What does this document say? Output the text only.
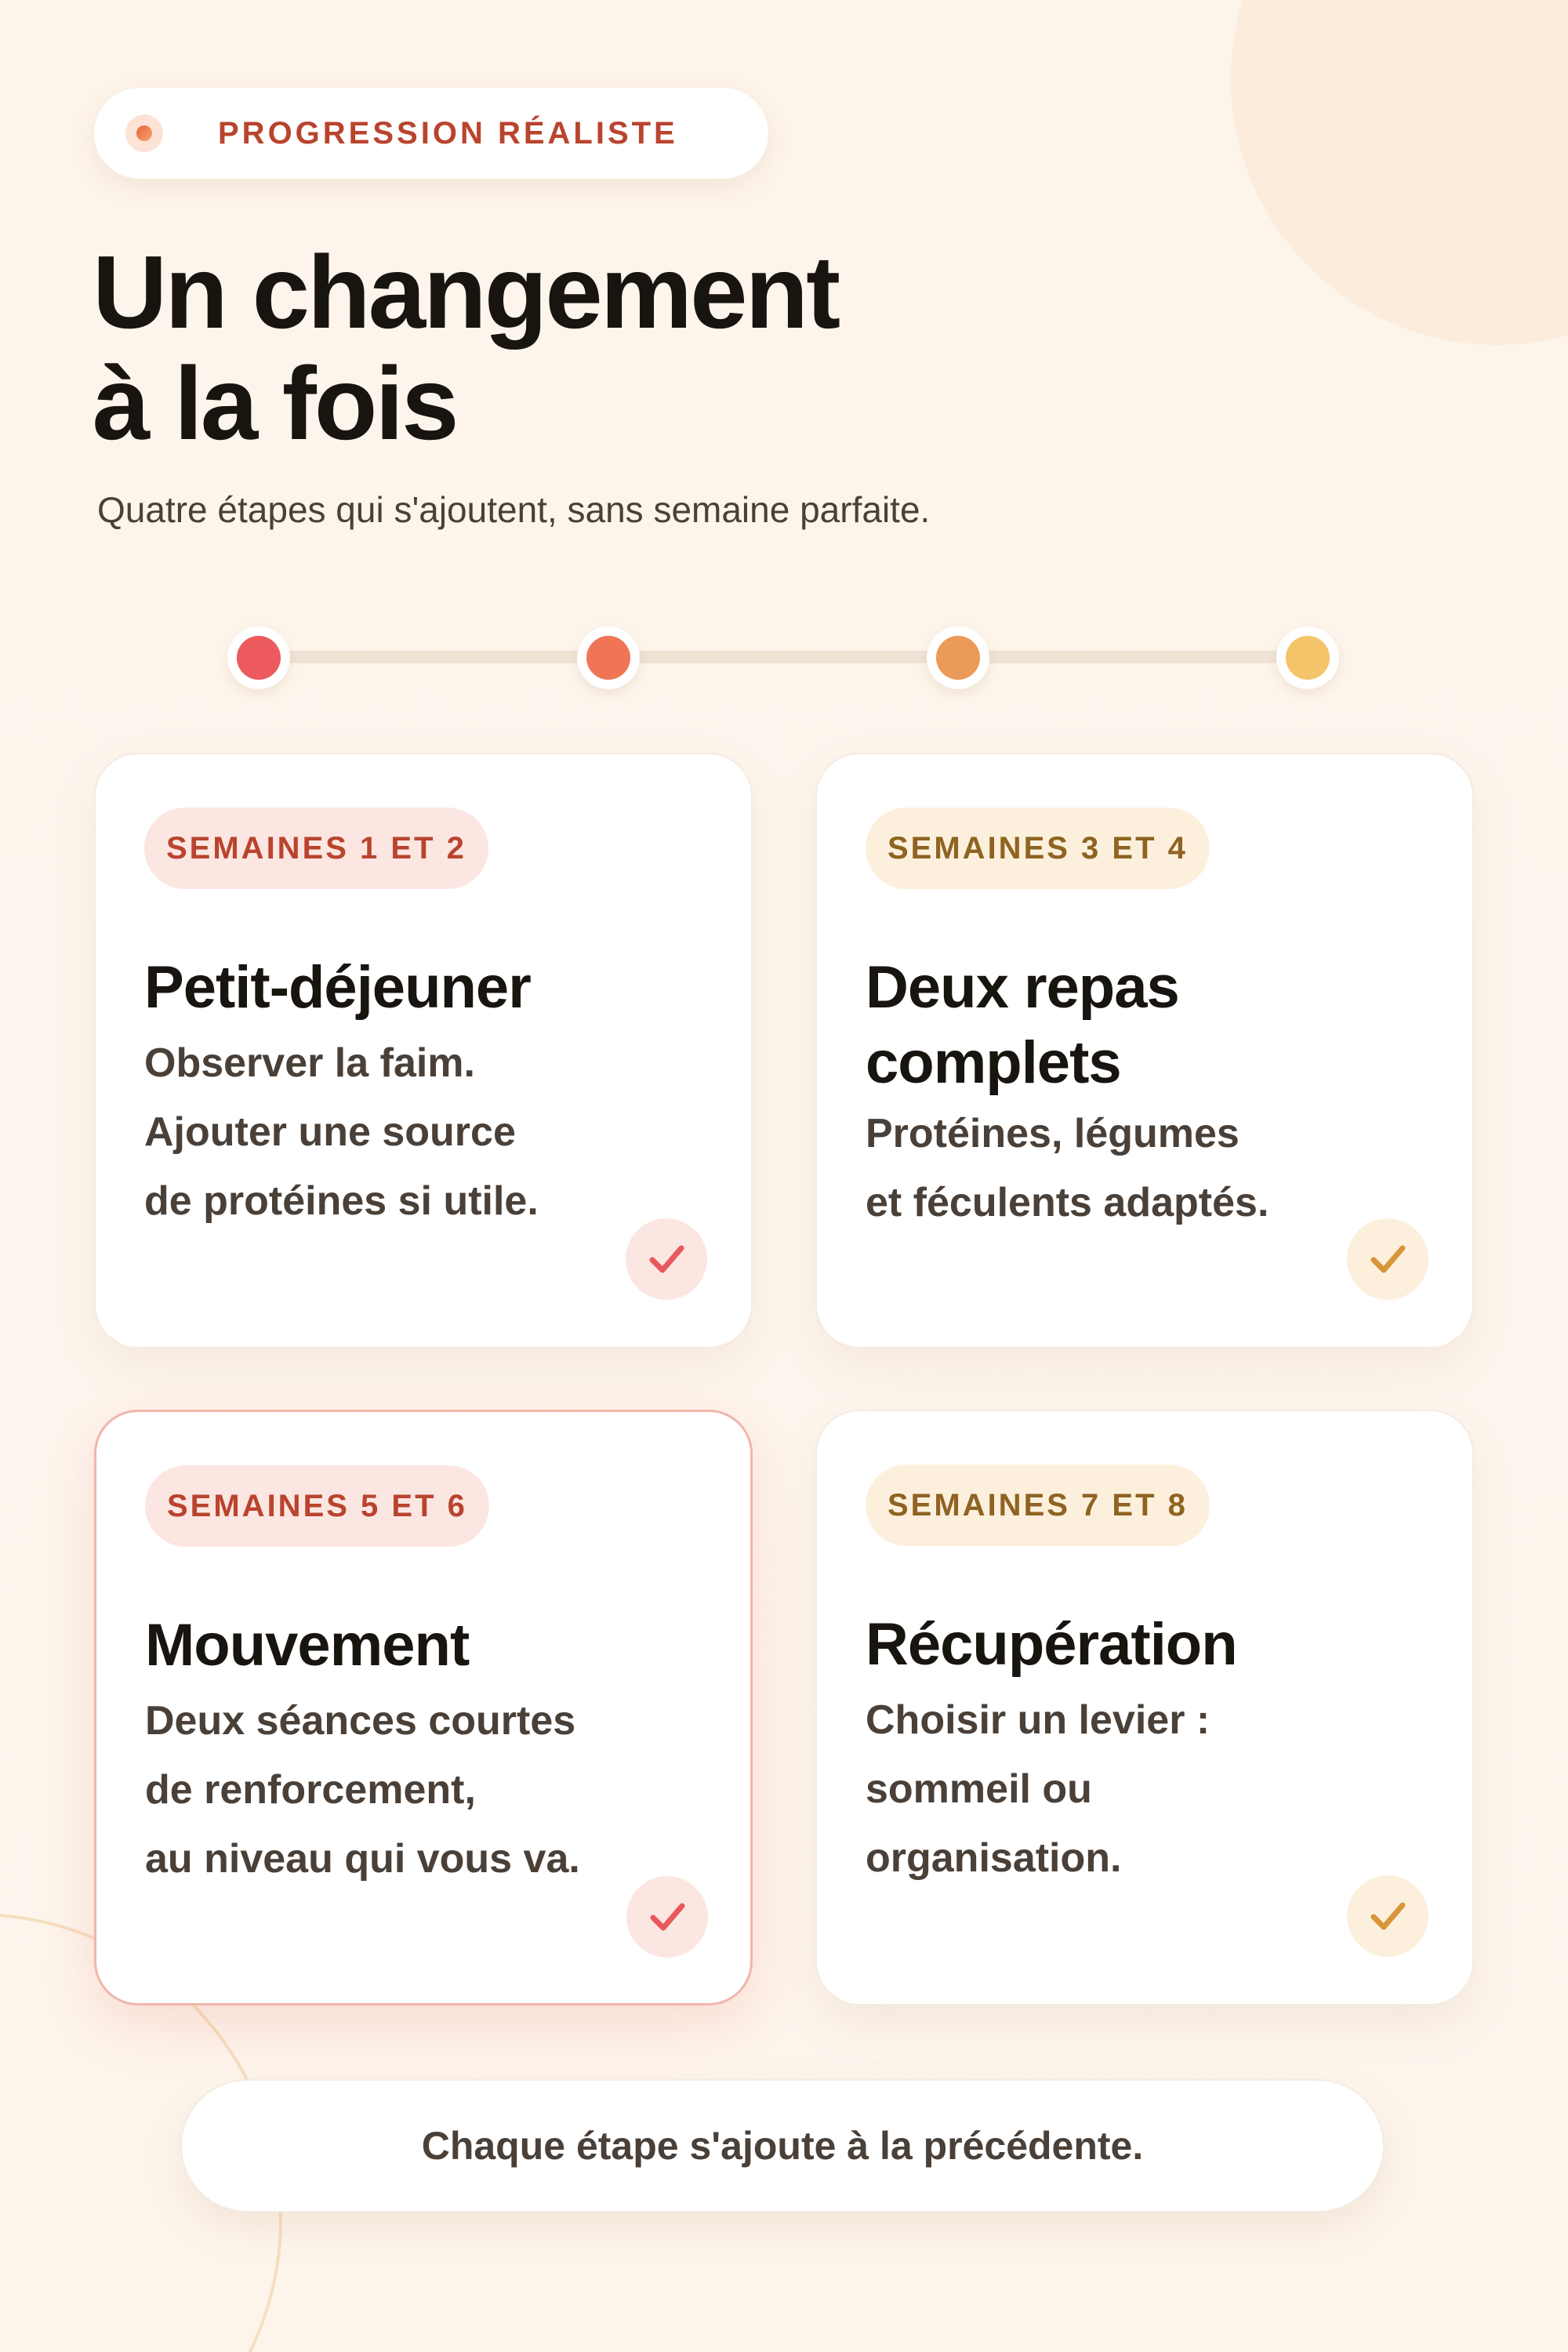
PROGRESSION RÉALISTE
Un changement
à la fois

Quatre étapes qui s'ajoutent, sans semaine parfaite.

SEMAINES 1 ET 2
Petit-déjeuner
Observer la faim.
Ajouter une source
de protéines si utile.
SEMAINES 3 ET 4
Deux repas
complets
Protéines, légumes
et féculents adaptés.
SEMAINES 5 ET 6
Mouvement
Deux séances courtes
de renforcement,
au niveau qui vous va.
SEMAINES 7 ET 8
Récupération
Choisir un levier :
sommeil ou
organisation.
Chaque étape s'ajoute à la précédente.
